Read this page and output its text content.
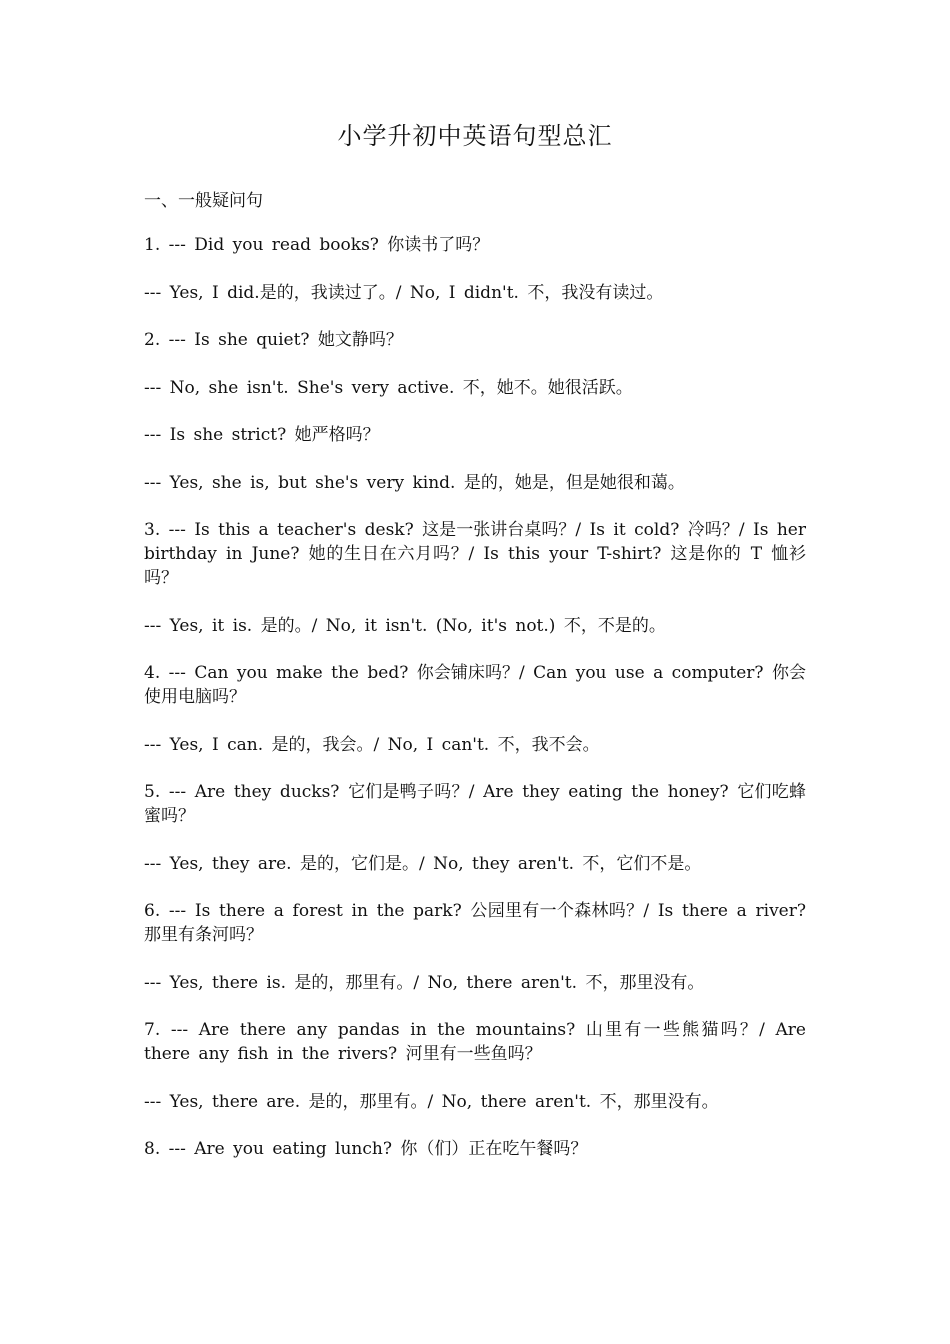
小学升初中英语句型总汇
一、一般疑问句

1. --- Did you read books? 你读书了吗？

--- Yes, I did.是的，我读过了。/ No, I didn't. 不，我没有读过。

2. --- Is she quiet? 她文静吗？

--- No, she isn't. She's very active. 不，她不。她很活跃。

--- Is she strict? 她严格吗？

--- Yes, she is, but she's very kind. 是的，她是，但是她很和蔼。

3. --- Is this a teacher's desk? 这是一张讲台桌吗？/ Is it cold? 冷吗？/ Is her birthday in June? 她的生日在六月吗？/ Is this your T-shirt? 这是你的 T 恤衫吗？

--- Yes, it is. 是的。/ No, it isn't. (No, it's not.) 不，不是的。

4. --- Can you make the bed? 你会铺床吗？/ Can you use a computer? 你会使用电脑吗？

--- Yes, I can. 是的，我会。/ No, I can't. 不，我不会。

5. --- Are they ducks? 它们是鸭子吗？/ Are they eating the honey? 它们吃蜂蜜吗？

--- Yes, they are. 是的，它们是。/ No, they aren't. 不，它们不是。

6. --- Is there a forest in the park? 公园里有一个森林吗？/ Is there a river? 那里有条河吗？

--- Yes, there is. 是的，那里有。/ No, there aren't. 不，那里没有。

7. --- Are there any pandas in the mountains? 山里有一些熊猫吗？/ Are there any fish in the rivers? 河里有一些鱼吗？

--- Yes, there are. 是的，那里有。/ No, there aren't. 不，那里没有。

8. --- Are you eating lunch? 你（们）正在吃午餐吗？
